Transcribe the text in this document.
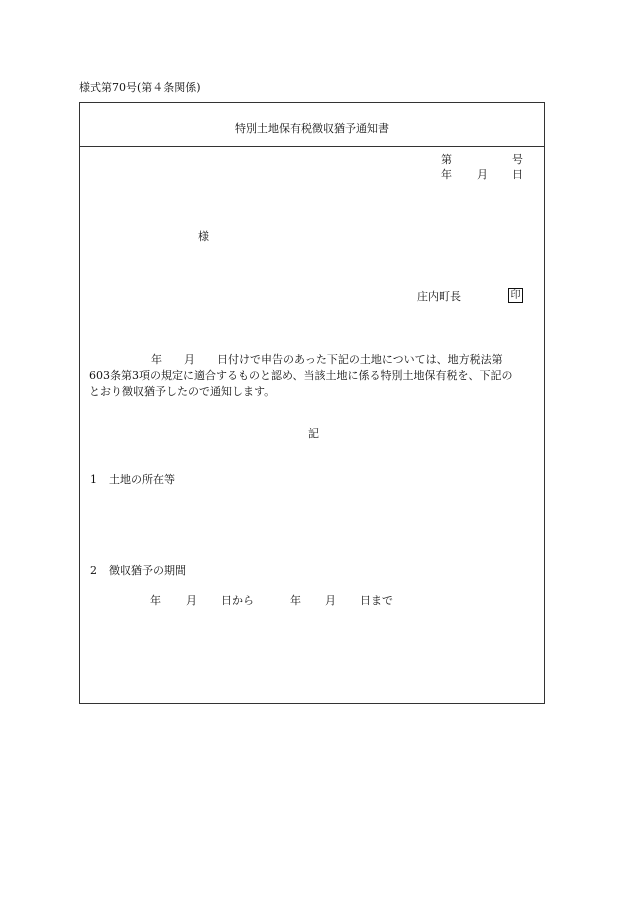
様式第70号(第４条関係)
特別土地保有税徴収猶予通知書
第	号
年 月 日
様
庄内町長	印
年　　月　　日付けで申告のあった下記の土地については、地方税法第
603条第3項の規定に適合するものと認め、当該土地に係る特別土地保有税を、下記の
とおり徴収猶予したので通知します。
記
1 土地の所在等
2 徴収猶予の期間
年 月 日から	年 月 日まで
